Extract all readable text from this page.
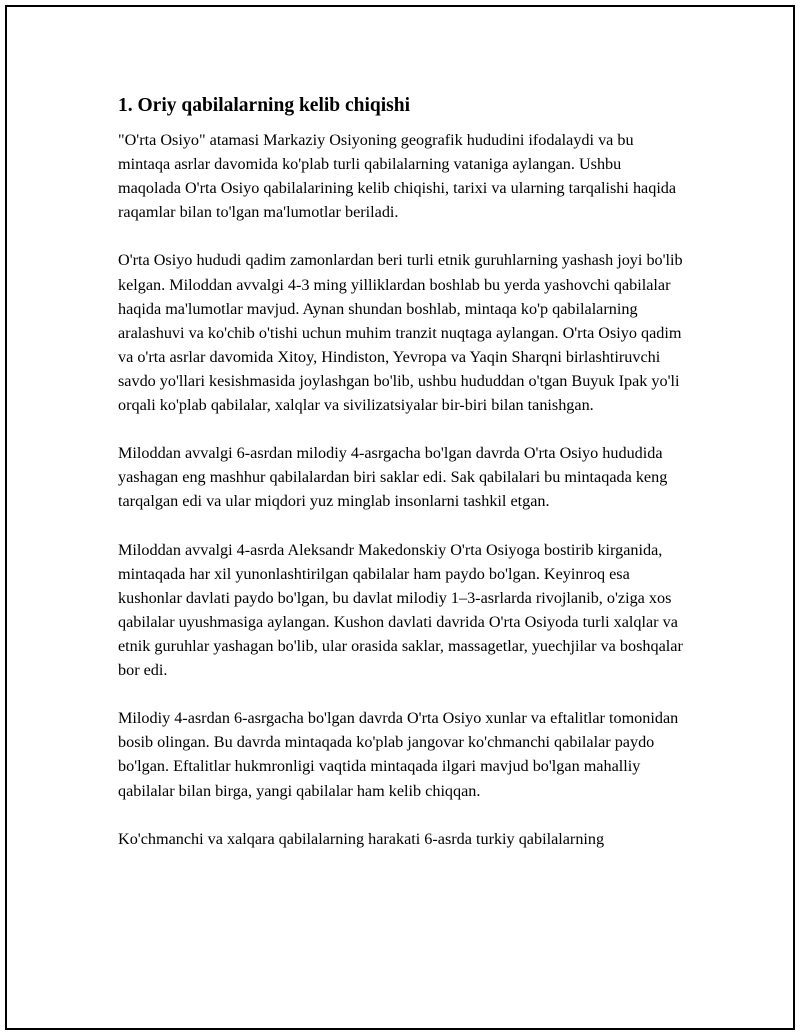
1. Oriy qabilalarning kelib chiqishi

"O'rta Osiyo" atamasi Markaziy Osiyoning geografik hududini ifodalaydi va bu mintaqa asrlar davomida ko'plab turli qabilalarning vataniga aylangan. Ushbu maqolada O'rta Osiyo qabilalarining kelib chiqishi, tarixi va ularning tarqalishi haqida raqamlar bilan to'lgan ma'lumotlar beriladi.

O'rta Osiyo hududi qadim zamonlardan beri turli etnik guruhlarning yashash joyi bo'lib kelgan. Miloddan avvalgi 4-3 ming yilliklardan boshlab bu yerda yashovchi qabilalar haqida ma'lumotlar mavjud. Aynan shundan boshlab, mintaqa ko'p qabilalarning aralashuvi va ko'chib o'tishi uchun muhim tranzit nuqtaga aylangan. O'rta Osiyo qadim va o'rta asrlar davomida Xitoy, Hindiston, Yevropa va Yaqin Sharqni birlashtiruvchi savdo yo'llari kesishmasida joylashgan bo'lib, ushbu hududdan o'tgan Buyuk Ipak yo'li orqali ko'plab qabilalar, xalqlar va sivilizatsiyalar bir-biri bilan tanishgan.

Miloddan avvalgi 6-asrdan milodiy 4-asrgacha bo'lgan davrda O'rta Osiyo hududida yashagan eng mashhur qabilalardan biri saklar edi. Sak qabilalari bu mintaqada keng tarqalgan edi va ular miqdori yuz minglab insonlarni tashkil etgan.

Miloddan avvalgi 4-asrda Aleksandr Makedonskiy O'rta Osiyoga bostirib kirganida, mintaqada har xil yunonlashtirilgan qabilalar ham paydo bo'lgan. Keyinroq esa kushonlar davlati paydo bo'lgan, bu davlat milodiy 1–3-asrlarda rivojlanib, o'ziga xos qabilalar uyushmasiga aylangan. Kushon davlati davrida O'rta Osiyoda turli xalqlar va etnik guruhlar yashagan bo'lib, ular orasida saklar, massagetlar, yuechjilar va boshqalar bor edi.

Milodiy 4-asrdan 6-asrgacha bo'lgan davrda O'rta Osiyo xunlar va eftalitlar tomonidan bosib olingan. Bu davrda mintaqada ko'plab jangovar ko'chmanchi qabilalar paydo bo'lgan. Eftalitlar hukmronligi vaqtida mintaqada ilgari mavjud bo'lgan mahalliy qabilalar bilan birga, yangi qabilalar ham kelib chiqqan.

Ko'chmanchi va xalqara qabilalarning harakati 6-asrda turkiy qabilalarning
